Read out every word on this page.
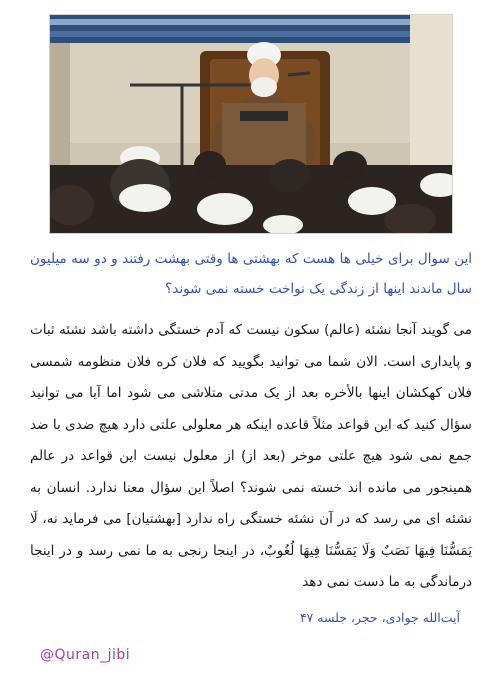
این سوال برای خیلی ها هست که بهشتی ها وقتی بهشت رفتند و دو سه میلیون سال ماندند اینها از زندگی یک نواخت خسته نمی شوند؟
می گویند آنجا نشئه (عالم) سکون نیست که آدم خستگی داشته باشد نشئه ثبات و پایداری است. الان شما می توانید بگویید که فلان کره فلان منظومه شمسی فلان کهکشان اینها بالأخره بعد از یک مدتی متلاشی می شود اما آیا می توانید سؤال کنید که این قواعد مثلاً قاعده اینکه هر معلولی علتی دارد هیچ ضدی با ضد جمع نمی شود هیچ علتی موخر (بعد از) از معلول نیست این قواعد در عالم همینجور می مانده اند خسته نمی شوند؟ اصلاً این سؤال معنا ندارد. انسان به نشئه ای می رسد که در آن نشئه خستگی راه ندارد [بهشتیان] می فرماید نه، لَا یَمَسُّنَا فِیهَا نَصَبٌ وَلَا یَمَسُّنَا فِیهَا لُغُوبٌ، در اینجا رنجی به ما نمی رسد و در اینجا درماندگی به ما دست نمی دهد
آیت‌الله جوادی، حجر، جلسه ۴۷
@Quran_jibi
